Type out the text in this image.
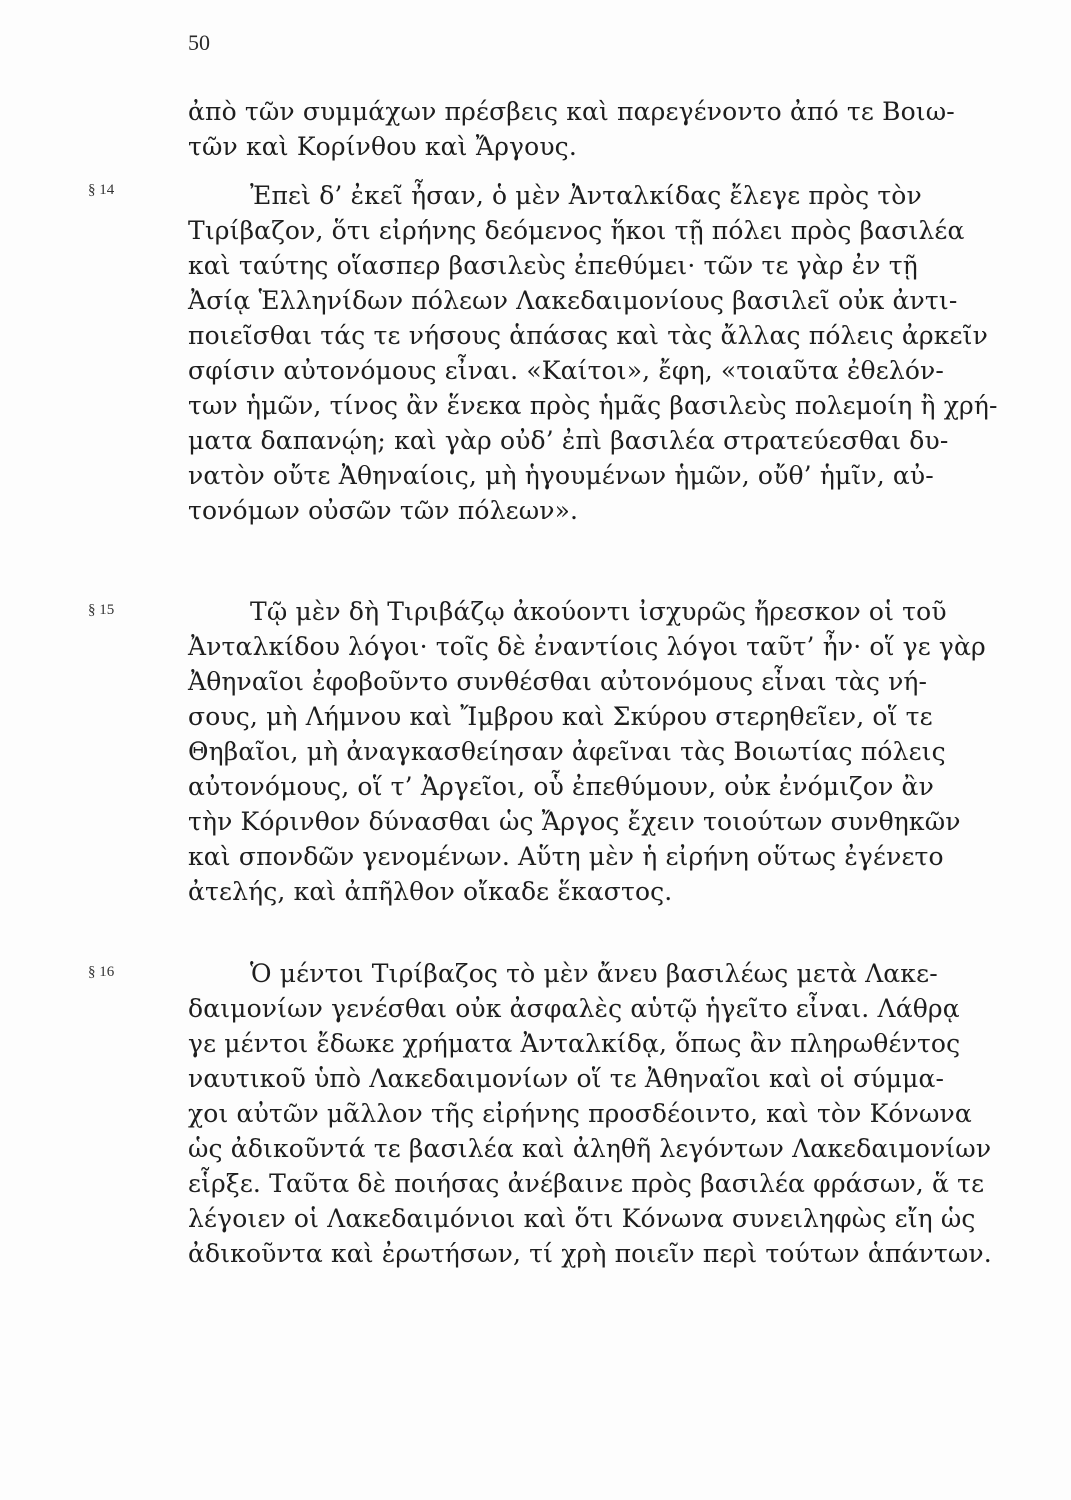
50
§ 14
§ 15
§ 16
ἀπὸ τῶν συμμάχων πρέσβεις καὶ παρεγένοντο ἀπό τε Βοιω-
τῶν καὶ Κορίνθου καὶ Ἄργους.
Ἐπεὶ δ’ ἐκεῖ ἦσαν, ὁ μὲν Ἀνταλκίδας ἔλεγε πρὸς τὸν
Τιρίβαζον, ὅτι εἰρήνης δεόμενος ἥκοι τῇ πόλει πρὸς βασιλέα
καὶ ταύτης οἵασπερ βασιλεὺς ἐπεθύμει· τῶν τε γὰρ ἐν τῇ
Ἀσίᾳ Ἑλληνίδων πόλεων Λακεδαιμονίους βασιλεῖ οὐκ ἀντι-
ποιεῖσθαι τάς τε νήσους ἁπάσας καὶ τὰς ἄλλας πόλεις ἀρκεῖν
σφίσιν αὐτονόμους εἶναι. «Καίτοι», ἔφη, «τοιαῦτα ἐθελόν-
των ἡμῶν, τίνος ἂν ἕνεκα πρὸς ἡμᾶς βασιλεὺς πολεμοίη ἢ χρή-
ματα δαπανῴη; καὶ γὰρ οὐδ’ ἐπὶ βασιλέα στρατεύεσθαι δυ-
νατὸν οὔτε Ἀθηναίοις, μὴ ἡγουμένων ἡμῶν, οὔθ’ ἡμῖν, αὐ-
τονόμων οὐσῶν τῶν πόλεων».
Τῷ μὲν δὴ Τιριβάζῳ ἀκούοντι ἰσχυρῶς ἤρεσκον οἱ τοῦ
Ἀνταλκίδου λόγοι· τοῖς δὲ ἐναντίοις λόγοι ταῦτ’ ἦν· οἵ γε γὰρ
Ἀθηναῖοι ἐφοβοῦντο συνθέσθαι αὐτονόμους εἶναι τὰς νή-
σους, μὴ Λήμνου καὶ Ἴμβρου καὶ Σκύρου στερηθεῖεν, οἵ τε
Θηβαῖοι, μὴ ἀναγκασθείησαν ἀφεῖναι τὰς Βοιωτίας πόλεις
αὐτονόμους, οἵ τ’ Ἀργεῖοι, οὗ ἐπεθύμουν, οὐκ ἐνόμιζον ἂν
τὴν Κόρινθον δύνασθαι ὡς Ἄργος ἔχειν τοιούτων συνθηκῶν
καὶ σπονδῶν γενομένων. Αὕτη μὲν ἡ εἰρήνη οὕτως ἐγένετο
ἀτελής, καὶ ἀπῆλθον οἴκαδε ἕκαστος.
Ὁ μέντοι Τιρίβαζος τὸ μὲν ἄνευ βασιλέως μετὰ Λακε-
δαιμονίων γενέσθαι οὐκ ἀσφαλὲς αὑτῷ ἡγεῖτο εἶναι. Λάθρᾳ
γε μέντοι ἔδωκε χρήματα Ἀνταλκίδᾳ, ὅπως ἂν πληρωθέντος
ναυτικοῦ ὑπὸ Λακεδαιμονίων οἵ τε Ἀθηναῖοι καὶ οἱ σύμμα-
χοι αὐτῶν μᾶλλον τῆς εἰρήνης προσδέοιντο, καὶ τὸν Κόνωνα
ὡς ἀδικοῦντά τε βασιλέα καὶ ἀληθῆ λεγόντων Λακεδαιμονίων
εἷρξε. Ταῦτα δὲ ποιήσας ἀνέβαινε πρὸς βασιλέα φράσων, ἅ τε
λέγοιεν οἱ Λακεδαιμόνιοι καὶ ὅτι Κόνωνα συνειληφὼς εἴη ὡς
ἀδικοῦντα καὶ ἐρωτήσων, τί χρὴ ποιεῖν περὶ τούτων ἁπάντων.
